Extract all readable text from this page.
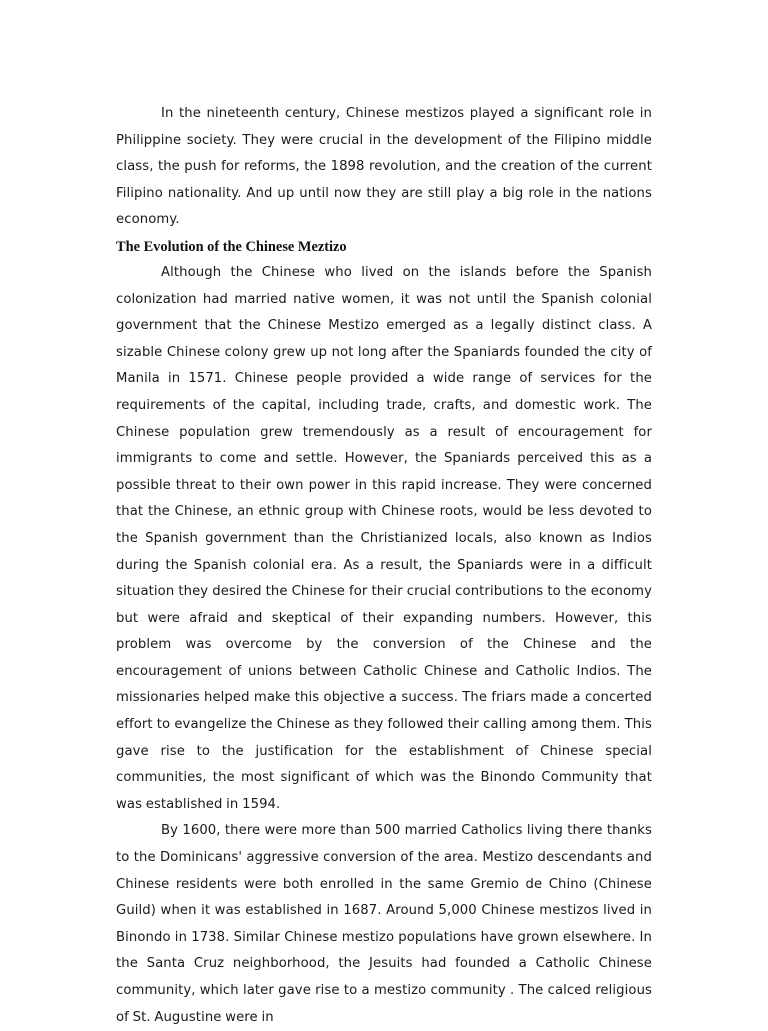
In the nineteenth century, Chinese mestizos played a significant role in Philippine society. They were crucial in the development of the Filipino middle class, the push for reforms, the 1898 revolution, and the creation of the current Filipino nationality. And up until now they are still play a big role in the nations economy.

The Evolution of the Chinese Meztizo

Although the Chinese who lived on the islands before the Spanish colonization had married native women, it was not until the Spanish colonial government that the Chinese Mestizo emerged as a legally distinct class. A sizable Chinese colony grew up not long after the Spaniards founded the city of Manila in 1571. Chinese people provided a wide range of services for the requirements of the capital, including trade, crafts, and domestic work. The Chinese population grew tremendously as a result of encouragement for immigrants to come and settle. However, the Spaniards perceived this as a possible threat to their own power in this rapid increase. They were concerned that the Chinese, an ethnic group with Chinese roots, would be less devoted to the Spanish government than the Christianized locals, also known as Indios during the Spanish colonial era. As a result, the Spaniards were in a difficult situation they desired the Chinese for their crucial contributions to the economy but were afraid and skeptical of their expanding numbers. However, this problem was overcome by the conversion of the Chinese and the encouragement of unions between Catholic Chinese and Catholic Indios. The missionaries helped make this objective a success. The friars made a concerted effort to evangelize the Chinese as they followed their calling among them. This gave rise to the justification for the establishment of Chinese special communities, the most significant of which was the Binondo Community that was established in 1594.

By 1600, there were more than 500 married Catholics living there thanks to the Dominicans' aggressive conversion of the area. Mestizo descendants and Chinese residents were both enrolled in the same Gremio de Chino (Chinese Guild) when it was established in 1687. Around 5,000 Chinese mestizos lived in Binondo in 1738. Similar Chinese mestizo populations have grown elsewhere. In the Santa Cruz neighborhood, the Jesuits had founded a Catholic Chinese community, which later gave rise to a mestizo community . The calced religious of St. Augustine were in
